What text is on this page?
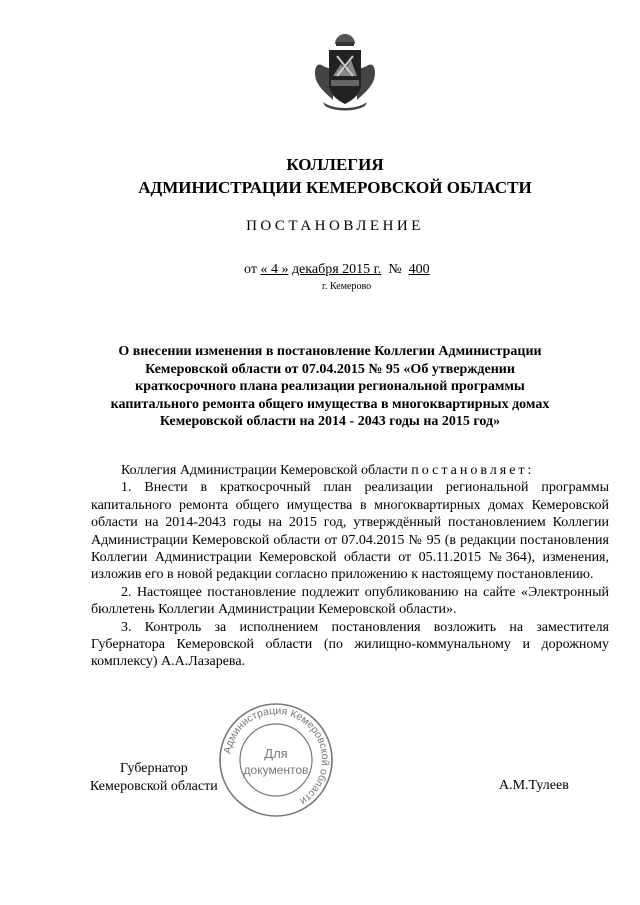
КОЛЛЕГИЯ
АДМИНИСТРАЦИИ КЕМЕРОВСКОЙ ОБЛАСТИ
ПОСТАНОВЛЕНИЕ
от « 4 » декабря 2015 г. № 400
г. Кемерово
О внесении изменения в постановление Коллегии Администрации Кемеровской области от 07.04.2015 № 95 «Об утверждении краткосрочного плана реализации региональной программы капитального ремонта общего имущества в многоквартирных домах Кемеровской области на 2014 - 2043 годы на 2015 год»

Коллегия Администрации Кемеровской области постановляет:

1. Внести в краткосрочный план реализации региональной программы капитального ремонта общего имущества в многоквартирных домах Кемеровской области на 2014-2043 годы на 2015 год, утверждённый постановлением Коллегии Администрации Кемеровской области от 07.04.2015 № 95 (в редакции постановления Коллегии Администрации Кемеровской области от 05.11.2015 №364), изменения, изложив его в новой редакции согласно приложению к настоящему постановлению.

2. Настоящее постановление подлежит опубликованию на сайте «Электронный бюллетень Коллегии Администрации Кемеровской области».

3. Контроль за исполнением постановления возложить на заместителя Губернатора Кемеровской области (по жилищно-коммунальному и дорожному комплексу) А.А.Лазарева.

Губернатор
Кемеровской области	А.М.Тулеев
Администрация Кемеровской области
Для
документов
